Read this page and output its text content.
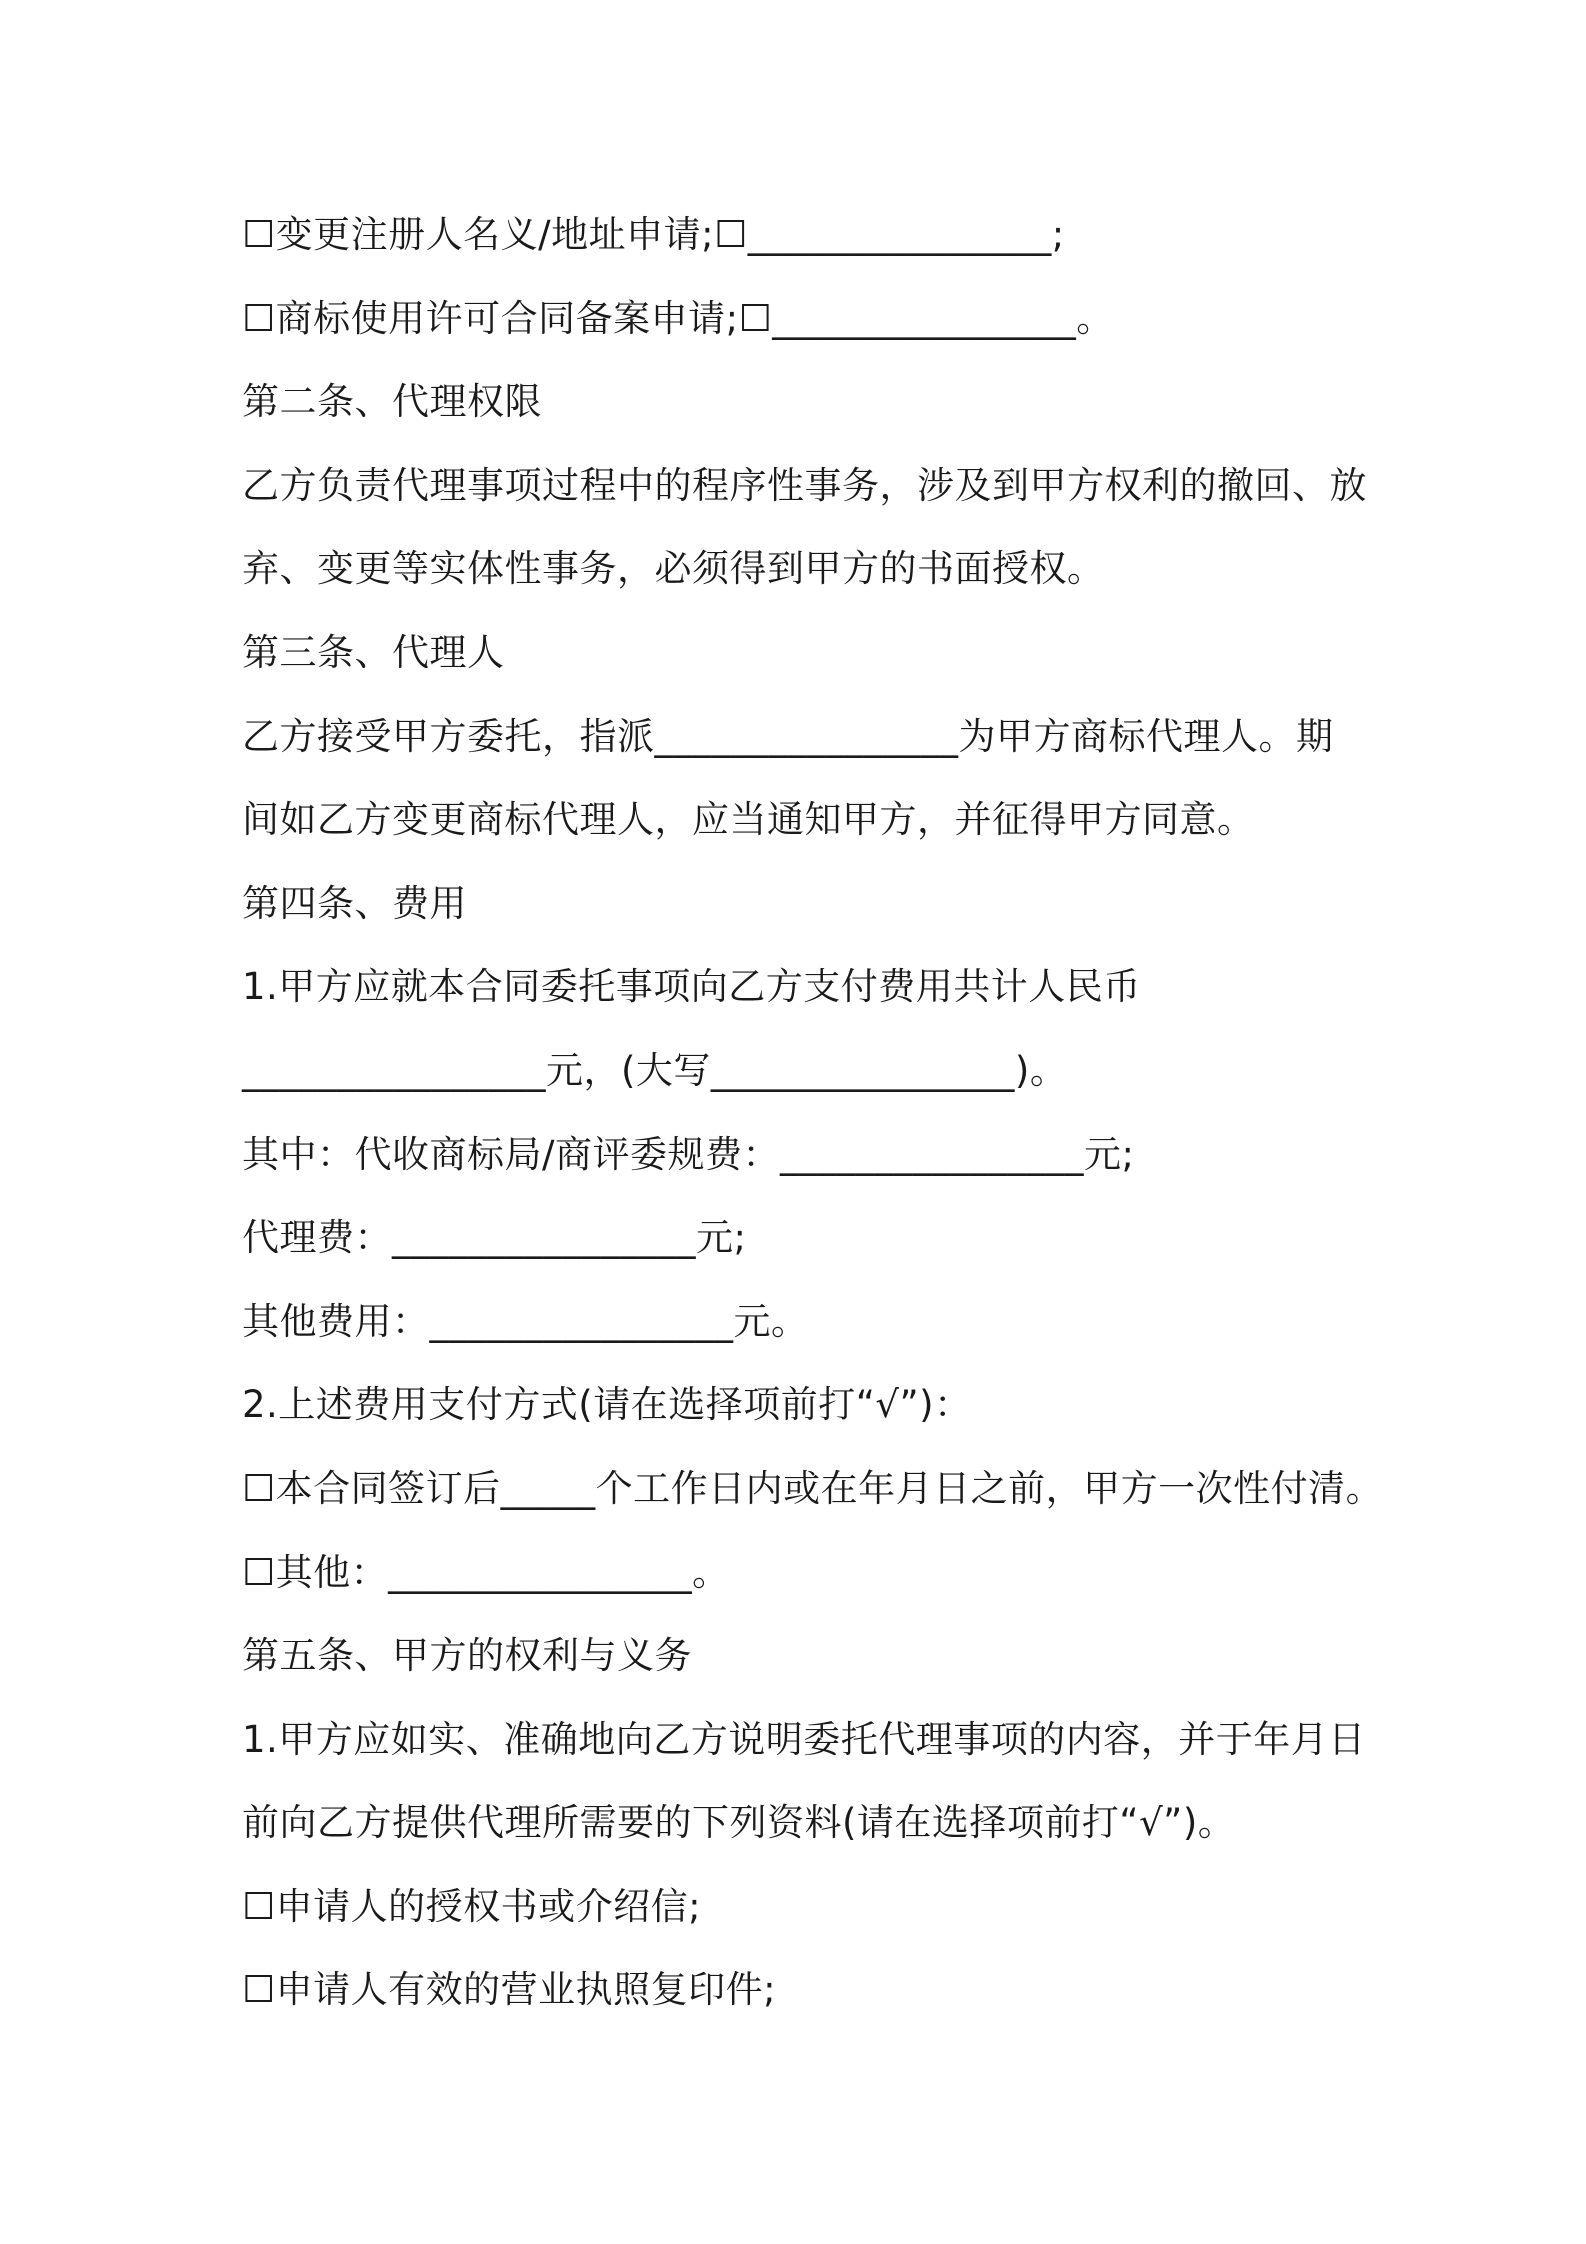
☐变更注册人名义/地址申请;☐________________;
☐商标使用许可合同备案申请;☐________________。
第二条、代理权限
乙方负责代理事项过程中的程序性事务，涉及到甲方权利的撤回、放
弃、变更等实体性事务，必须得到甲方的书面授权。
第三条、代理人
乙方接受甲方委托，指派________________为甲方商标代理人。期
间如乙方变更商标代理人，应当通知甲方，并征得甲方同意。
第四条、费用
1.甲方应就本合同委托事项向乙方支付费用共计人民币
________________元，(大写________________)。
其中：代收商标局/商评委规费：________________元;
代理费：________________元;
其他费用：________________元。
2.上述费用支付方式(请在选择项前打“√”)：
☐本合同签订后_____个工作日内或在年月日之前，甲方一次性付清。
☐其他：________________。
第五条、甲方的权利与义务
1.甲方应如实、准确地向乙方说明委托代理事项的内容，并于年月日
前向乙方提供代理所需要的下列资料(请在选择项前打“√”)。
☐申请人的授权书或介绍信;
☐申请人有效的营业执照复印件;
